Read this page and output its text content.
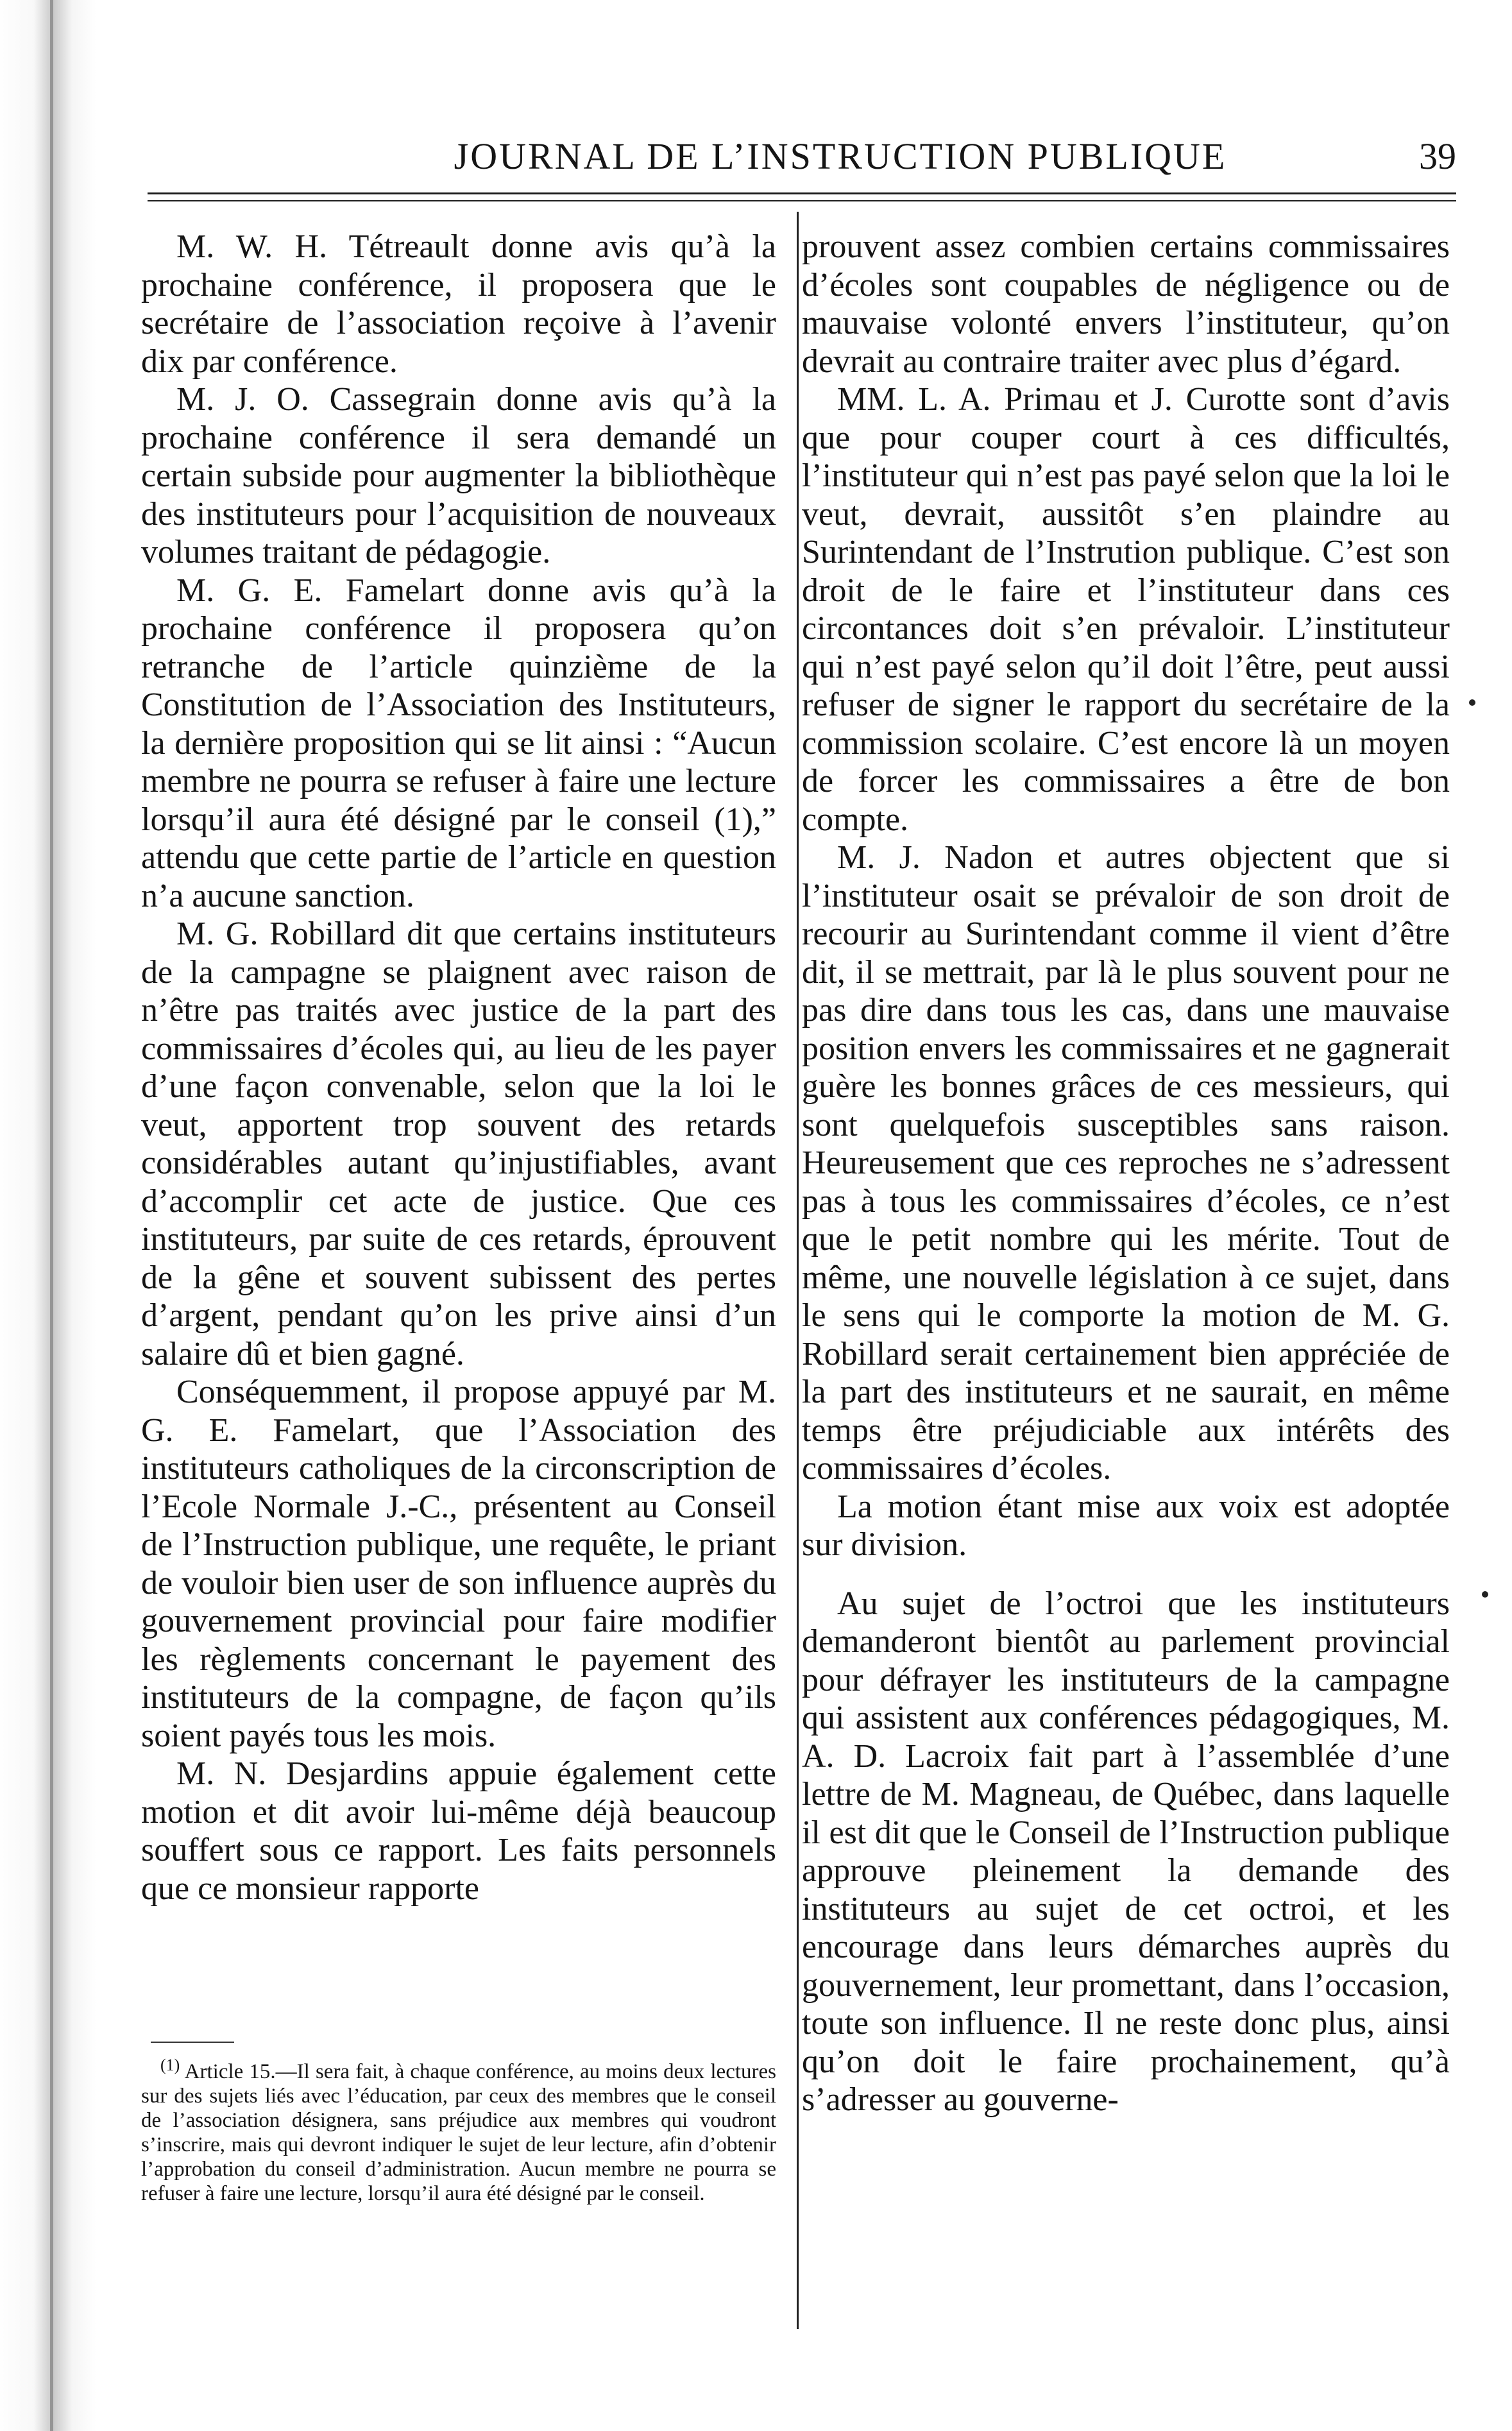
JOURNAL DE L’INSTRUCTION PUBLIQUE	39

M. W. H. Tétreault donne avis qu’à la prochaine conférence, il proposera que le secrétaire de l’association reçoive à l’avenir dix par conférence.

M. J. O. Cassegrain donne avis qu’à la prochaine conférence il sera demandé un certain subside pour augmenter la bibliothèque des instituteurs pour l’acquisition de nouveaux volumes traitant de pédagogie.

M. G. E. Famelart donne avis qu’à la prochaine conférence il proposera qu’on retranche de l’article quinzième de la Constitution de l’Association des Instituteurs, la dernière proposition qui se lit ainsi : “Aucun membre ne pourra se refuser à faire une lecture lorsqu’il aura été désigné par le conseil (1),” attendu que cette partie de l’article en question n’a aucune sanction.

M. G. Robillard dit que certains instituteurs de la campagne se plaignent avec raison de n’être pas traités avec justice de la part des commissaires d’écoles qui, au lieu de les payer d’une façon convenable, selon que la loi le veut, apportent trop souvent des retards considérables autant qu’injustifiables, avant d’accomplir cet acte de justice. Que ces instituteurs, par suite de ces retards, éprouvent de la gêne et souvent subissent des pertes d’argent, pendant qu’on les prive ainsi d’un salaire dû et bien gagné.

Conséquemment, il propose appuyé par M. G. E. Famelart, que l’Association des instituteurs catholiques de la circonscription de l’Ecole Normale J.-C., présentent au Conseil de l’Instruction publique, une requête, le priant de vouloir bien user de son influence auprès du gouvernement provincial pour faire modifier les règlements concernant le payement des instituteurs de la compagne, de façon qu’ils soient payés tous les mois.

M. N. Desjardins appuie également cette motion et dit avoir lui-même déjà beaucoup souffert sous ce rapport. Les faits personnels que ce monsieur rapporte

prouvent assez combien certains commissaires d’écoles sont coupables de négligence ou de mauvaise volonté envers l’instituteur, qu’on devrait au contraire traiter avec plus d’égard.

MM. L. A. Primau et J. Curotte sont d’avis que pour couper court à ces difficultés, l’instituteur qui n’est pas payé selon que la loi le veut, devrait, aussitôt s’en plaindre au Surintendant de l’Instrution publique. C’est son droit de le faire et l’instituteur dans ces circontances doit s’en prévaloir. L’instituteur qui n’est payé selon qu’il doit l’être, peut aussi refuser de signer le rapport du secrétaire de la commission scolaire. C’est encore là un moyen de forcer les commissaires a être de bon compte.

M. J. Nadon et autres objectent que si l’instituteur osait se prévaloir de son droit de recourir au Surintendant comme il vient d’être dit, il se mettrait, par là le plus souvent pour ne pas dire dans tous les cas, dans une mauvaise position envers les commissaires et ne gagnerait guère les bonnes grâces de ces messieurs, qui sont quelquefois susceptibles sans raison. Heureusement que ces reproches ne s’adressent pas à tous les commissaires d’écoles, ce n’est que le petit nombre qui les mérite. Tout de même, une nouvelle législation à ce sujet, dans le sens qui le comporte la motion de M. G. Robillard serait certainement bien appréciée de la part des instituteurs et ne saurait, en même temps être préjudiciable aux intérêts des commissaires d’écoles.

La motion étant mise aux voix est adoptée sur division.

Au sujet de l’octroi que les instituteurs demanderont bientôt au parlement provincial pour défrayer les instituteurs de la campagne qui assistent aux conférences pédagogiques, M. A. D. Lacroix fait part à l’assemblée d’une lettre de M. Magneau, de Québec, dans laquelle il est dit que le Conseil de l’Instruction publique approuve pleinement la demande des instituteurs au sujet de cet octroi, et les encourage dans leurs démarches auprès du gouvernement, leur promettant, dans l’occasion, toute son influence. Il ne reste donc plus, ainsi qu’on doit le faire prochainement, qu’à s’adresser au gouverne-

$^{(1)}$ Article 15.—Il sera fait, à chaque conférence, au moins deux lectures sur des sujets liés avec l’éducation, par ceux des membres que le conseil de l’association désignera, sans préjudice aux membres qui voudront s’inscrire, mais qui devront indiquer le sujet de leur lecture, afin d’obtenir l’approbation du conseil d’administration. Aucun membre ne pourra se refuser à faire une lecture, lorsqu’il aura été désigné par le conseil.
